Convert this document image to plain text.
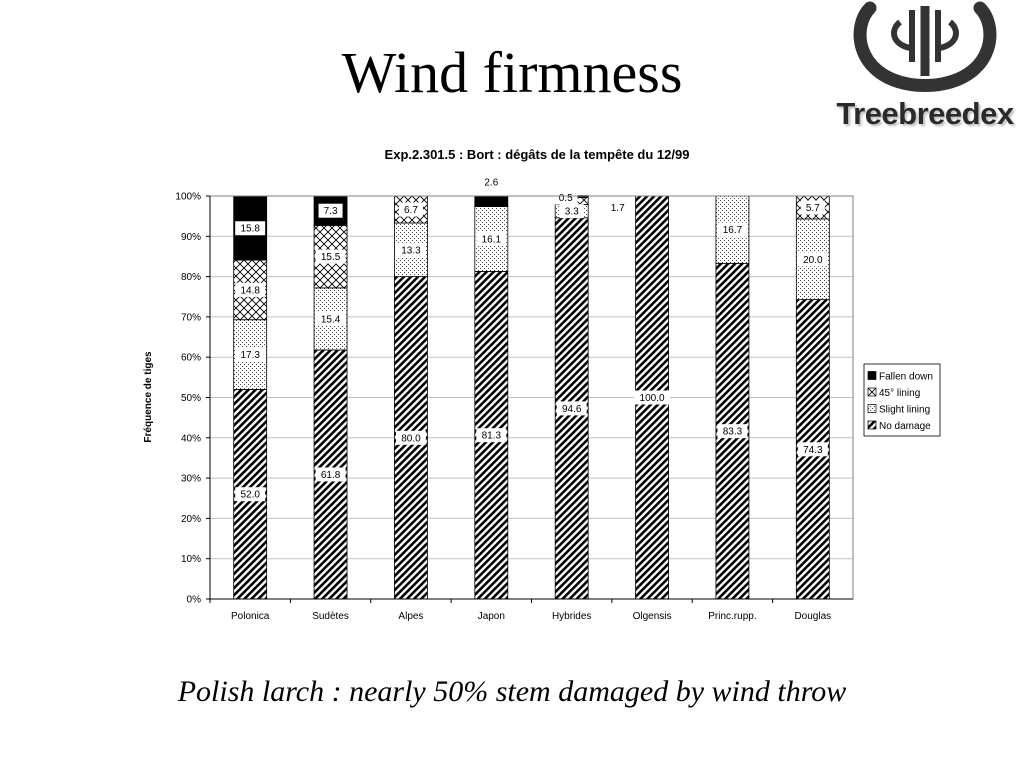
Wind firmness
Treebreedex
Exp.2.301.5 : Bort : dégâts de la tempête du 12/99
Fréquence de tiges
52.0
17.3
14.8
15.8
61.8
15.4
15.5
7.3
80.0
13.3
6.7
81.3
16.1
2.6
94.6
3.3	1.7
0.5
100.0
83.3
16.7
74.3
20.0
5.7
0%
10%
20%
30%
40%
50%
60%
70%
80%
90%
100%
Polonica	Sudètes	Alpes	Japon	Hybrides	Olgensis	Princ.rupp.	Douglas
Fallen down
45° lining
Slight lining
No damage
Polish larch : nearly 50% stem damaged by wind throw
